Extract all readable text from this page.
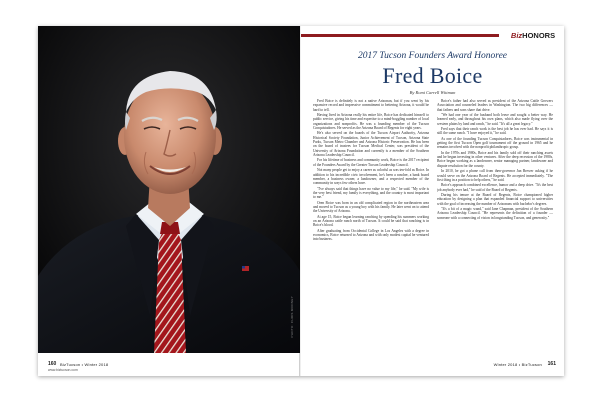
PHOTO: CHRIS MOONEY
160 BizTucson • Winter 2018
www.biztucson.com
BizHONORS
2017 Tucson Founders Award Honoree
Fred Boice
By Romi Carrell Wittman

Fred Boice is definitely is not a native Arizonan, but if you went by his expansive record and impressive commitment to bettering Arizona, it would be hard to tell.

Having lived in Arizona really his entire life, Boice has dedicated himself to public service, giving his time and expertise to a mind-boggling number of local organizations and nonprofits. He was a founding member of the Tucson Conquistadores. He served as the Arizona Board of Regents for eight years.

He's also served on the boards of the Tucson Airport Authority, Arizona Historical Society Foundation, Junior Achievement of Tucson, Arizona State Parks, Tucson Metro Chamber and Arizona Historic Preservation. He has been on the board of trustees for Tucson Medical Center, was president of the University of Arizona Foundation and currently is a member of the Southern Arizona Leadership Council.

For his lifetime of business and community work, Boice is the 2017 recipient of the Founders Award by the Greater Tucson Leadership Council.

Not many people get to enjoy a career as colorful as was ten-fold as Boice. In addition to his incredible civic involvement, he's been a rancher, a bank board member, a business owner, a landowner, and a respected member of the community in ways few others have.

"I've always said that things have no value to my life," he said. "My wife is the very best friend, my family is everything, and the country is most important to me."

Oren Boice was born in an old complicated region in the northeastern area and moved to Tucson as a young boy with his family. He later went on to attend the University of Arizona.

At age 15, Boice began learning ranching by spending his summers working on an Arizona cattle ranch north of Tucson. It could be said that ranching is in Boice's blood.

After graduating from Occidental College in Los Angeles with a degree in economics, Boice returned to Arizona and with only modest capital he ventured into business.

Boice's father had also served as president of the Arizona Cattle Growers Association and counseled leaders in Washington. The two big differences — that fathers and sons share that drive.

"We had one year of the husband both leave and sought a better way. He learned early, and throughout his own plans, which also made flying over the western plains by land and ranch," he said. "It's all a great legacy."

Fred says that their ranch work is the best job he has ever had. He says it is still the same ranch. "I have enjoyed it," he said.

As one of the founding Tucson Conquistadores, Boice was instrumental in getting the first Tucson Open golf tournament off the ground in 1965 and he remains involved with the nonprofit philanthropic group.

In the 1970s and 1980s, Boice and his family sold off their ranching assets and he began investing in other ventures. After the deep recession of the 1980s, Boice began working as a landowner, senior managing partner, landowner and dispute resolution for the county.

In 2010, he got a phone call from then-governor Jan Brewer asking if he would serve on the Arizona Board of Regents. He accepted immediately. "The first thing in a position to help others," he said.

Boice's approach combined excellence, humor and a deep drive. "It's the best job anybody ever had," he said of the Board of Regents.

During his tenure at the Board of Regents, Boice championed higher education by designing a plan that expanded financial support to universities with the goal of increasing the number of Arizonans with bachelor's degrees.

"It's a bit of a magic wand," said Jane Chapman, president of the Southern Arizona Leadership Council. "He represents the definition of a founder — someone with a connecting of vision in longstanding Tucson, and generosity."

Winter 2018 • BizTucson 161
